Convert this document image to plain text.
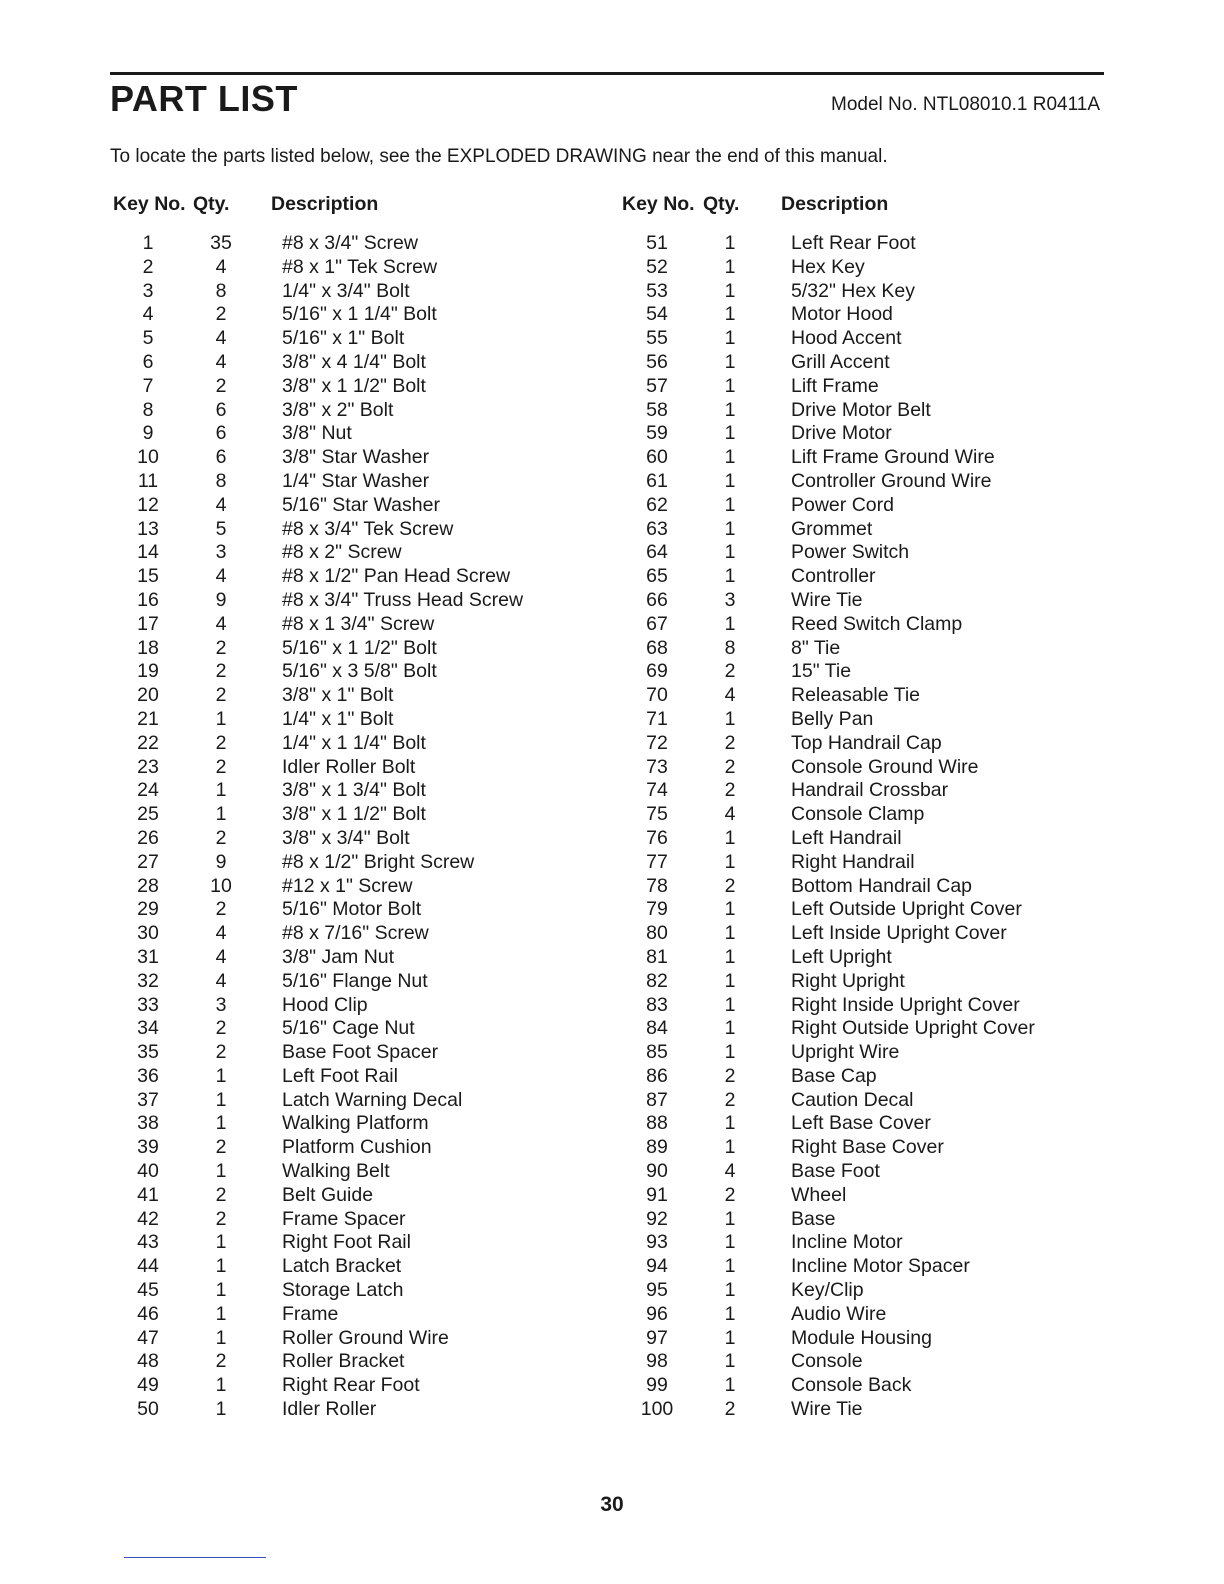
PART LIST	Model No. NTL08010.1 R0411A
To locate the parts listed below, see the EXPLODED DRAWING near the end of this manual.
Key No. Qty. Description	Key No. Qty. Description
1	35	#8 x 3/4" Screw
2	4	#8 x 1" Tek Screw
3	8	1/4" x 3/4" Bolt
4	2	5/16" x 1 1/4" Bolt
5	4	5/16" x 1" Bolt
6	4	3/8" x 4 1/4" Bolt
7	2	3/8" x 1 1/2" Bolt
8	6	3/8" x 2" Bolt
9	6	3/8" Nut
10	6	3/8" Star Washer
11	8	1/4" Star Washer
12	4	5/16" Star Washer
13	5	#8 x 3/4" Tek Screw
14	3	#8 x 2" Screw
15	4	#8 x 1/2" Pan Head Screw
16	9	#8 x 3/4" Truss Head Screw
17	4	#8 x 1 3/4" Screw
18	2	5/16" x 1 1/2" Bolt
19	2	5/16" x 3 5/8" Bolt
20	2	3/8" x 1" Bolt
21	1	1/4" x 1" Bolt
22	2	1/4" x 1 1/4" Bolt
23	2	Idler Roller Bolt
24	1	3/8" x 1 3/4" Bolt
25	1	3/8" x 1 1/2" Bolt
26	2	3/8" x 3/4" Bolt
27	9	#8 x 1/2" Bright Screw
28	10	#12 x 1" Screw
29	2	5/16" Motor Bolt
30	4	#8 x 7/16" Screw
31	4	3/8" Jam Nut
32	4	5/16" Flange Nut
33	3	Hood Clip
34	2	5/16" Cage Nut
35	2	Base Foot Spacer
36	1	Left Foot Rail
37	1	Latch Warning Decal
38	1	Walking Platform
39	2	Platform Cushion
40	1	Walking Belt
41	2	Belt Guide
42	2	Frame Spacer
43	1	Right Foot Rail
44	1	Latch Bracket
45	1	Storage Latch
46	1	Frame
47	1	Roller Ground Wire
48	2	Roller Bracket
49	1	Right Rear Foot
50	1	Idler Roller
51	1	Left Rear Foot
52	1	Hex Key
53	1	5/32" Hex Key
54	1	Motor Hood
55	1	Hood Accent
56	1	Grill Accent
57	1	Lift Frame
58	1	Drive Motor Belt
59	1	Drive Motor
60	1	Lift Frame Ground Wire
61	1	Controller Ground Wire
62	1	Power Cord
63	1	Grommet
64	1	Power Switch
65	1	Controller
66	3	Wire Tie
67	1	Reed Switch Clamp
68	8	8" Tie
69	2	15" Tie
70	4	Releasable Tie
71	1	Belly Pan
72	2	Top Handrail Cap
73	2	Console Ground Wire
74	2	Handrail Crossbar
75	4	Console Clamp
76	1	Left Handrail
77	1	Right Handrail
78	2	Bottom Handrail Cap
79	1	Left Outside Upright Cover
80	1	Left Inside Upright Cover
81	1	Left Upright
82	1	Right Upright
83	1	Right Inside Upright Cover
84	1	Right Outside Upright Cover
85	1	Upright Wire
86	2	Base Cap
87	2	Caution Decal
88	1	Left Base Cover
89	1	Right Base Cover
90	4	Base Foot
91	2	Wheel
92	1	Base
93	1	Incline Motor
94	1	Incline Motor Spacer
95	1	Key/Clip
96	1	Audio Wire
97	1	Module Housing
98	1	Console
99	1	Console Back
100	2	Wire Tie
30
